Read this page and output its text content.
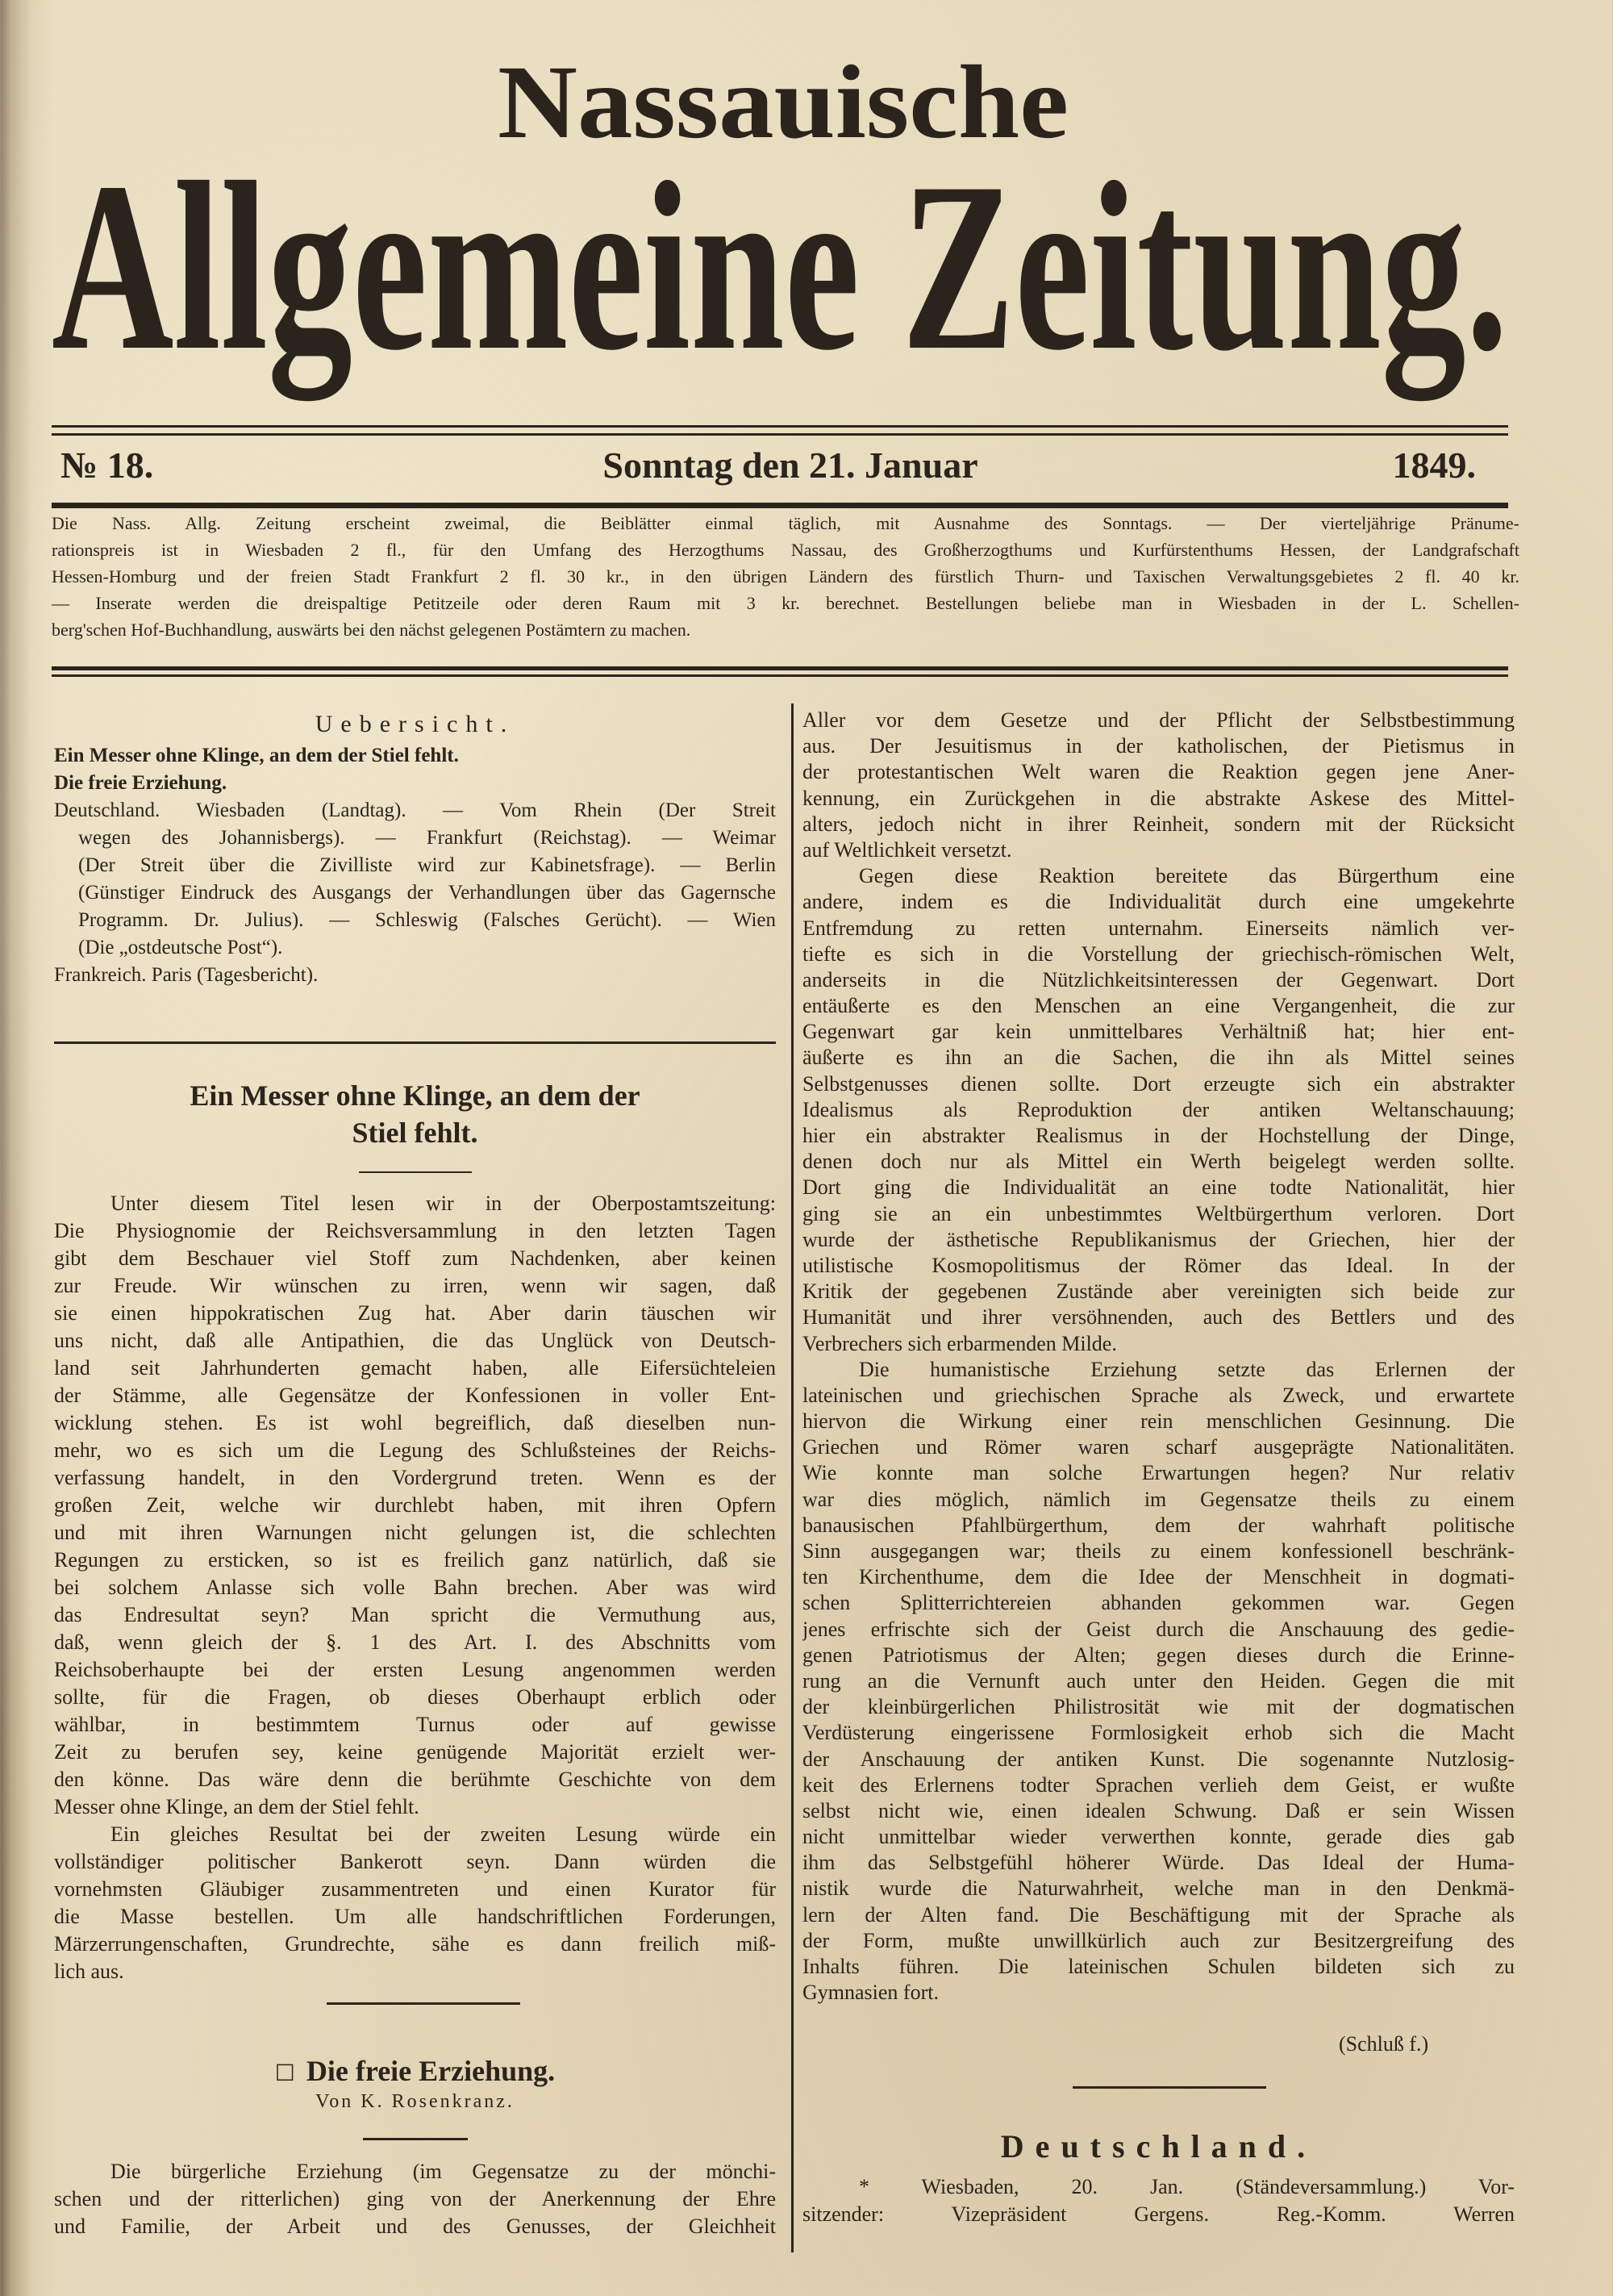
Nassauische
Allgemeine Zeitung.
№ 18.	Sonntag den 21. Januar	1849.
Die Nass. Allg. Zeitung erscheint zweimal, die Beiblätter einmal täglich, mit Ausnahme des Sonntags. — Der vierteljährige Pränume-
rationspreis ist in Wiesbaden 2 fl., für den Umfang des Herzogthums Nassau, des Großherzogthums und Kurfürstenthums Hessen, der Landgrafschaft
Hessen-Homburg und der freien Stadt Frankfurt 2 fl. 30 kr., in den übrigen Ländern des fürstlich Thurn- und Taxischen Verwaltungsgebietes 2 fl. 40 kr.
— Inserate werden die dreispaltige Petitzeile oder deren Raum mit 3 kr. berechnet. Bestellungen beliebe man in Wiesbaden in der L. Schellen-
berg'schen Hof-Buchhandlung, auswärts bei den nächst gelegenen Postämtern zu machen.
Uebersicht.
Ein Messer ohne Klinge, an dem der Stiel fehlt.
Die freie Erziehung.
Deutschland. Wiesbaden (Landtag). — Vom Rhein (Der Streit
wegen des Johannisbergs). — Frankfurt (Reichstag). — Weimar
(Der Streit über die Zivilliste wird zur Kabinetsfrage). — Berlin
(Günstiger Eindruck des Ausgangs der Verhandlungen über das Gagernsche
Programm. Dr. Julius). — Schleswig (Falsches Gerücht). — Wien
(Die „ostdeutsche Post“).
Frankreich. Paris (Tagesbericht).
Ein Messer ohne Klinge, an dem der
Stiel fehlt.
Unter diesem Titel lesen wir in der Oberpostamtszeitung:
Die Physiognomie der Reichsversammlung in den letzten Tagen
gibt dem Beschauer viel Stoff zum Nachdenken, aber keinen
zur Freude. Wir wünschen zu irren, wenn wir sagen, daß
sie einen hippokratischen Zug hat. Aber darin täuschen wir
uns nicht, daß alle Antipathien, die das Unglück von Deutsch-
land seit Jahrhunderten gemacht haben, alle Eifersüchteleien
der Stämme, alle Gegensätze der Konfessionen in voller Ent-
wicklung stehen. Es ist wohl begreiflich, daß dieselben nun-
mehr, wo es sich um die Legung des Schlußsteines der Reichs-
verfassung handelt, in den Vordergrund treten. Wenn es der
großen Zeit, welche wir durchlebt haben, mit ihren Opfern
und mit ihren Warnungen nicht gelungen ist, die schlechten
Regungen zu ersticken, so ist es freilich ganz natürlich, daß sie
bei solchem Anlasse sich volle Bahn brechen. Aber was wird
das Endresultat seyn? Man spricht die Vermuthung aus,
daß, wenn gleich der §. 1 des Art. I. des Abschnitts vom
Reichsoberhaupte bei der ersten Lesung angenommen werden
sollte, für die Fragen, ob dieses Oberhaupt erblich oder
wählbar, in bestimmtem Turnus oder auf gewisse
Zeit zu berufen sey, keine genügende Majorität erzielt wer-
den könne. Das wäre denn die berühmte Geschichte von dem
Messer ohne Klinge, an dem der Stiel fehlt.
Ein gleiches Resultat bei der zweiten Lesung würde ein
vollständiger politischer Bankerott seyn. Dann würden die
vornehmsten Gläubiger zusammentreten und einen Kurator für
die Masse bestellen. Um alle handschriftlichen Forderungen,
Märzerrungenschaften, Grundrechte, sähe es dann freilich miß-
lich aus.
☐ Die freie Erziehung.
Von K. Rosenkranz.
Die bürgerliche Erziehung (im Gegensatze zu der mönchi-
schen und der ritterlichen) ging von der Anerkennung der Ehre
und Familie, der Arbeit und des Genusses, der Gleichheit
Aller vor dem Gesetze und der Pflicht der Selbstbestimmung
aus. Der Jesuitismus in der katholischen, der Pietismus in
der protestantischen Welt waren die Reaktion gegen jene Aner-
kennung, ein Zurückgehen in die abstrakte Askese des Mittel-
alters, jedoch nicht in ihrer Reinheit, sondern mit der Rücksicht
auf Weltlichkeit versetzt.
Gegen diese Reaktion bereitete das Bürgerthum eine
andere, indem es die Individualität durch eine umgekehrte
Entfremdung zu retten unternahm. Einerseits nämlich ver-
tiefte es sich in die Vorstellung der griechisch-römischen Welt,
anderseits in die Nützlichkeitsinteressen der Gegenwart. Dort
entäußerte es den Menschen an eine Vergangenheit, die zur
Gegenwart gar kein unmittelbares Verhältniß hat; hier ent-
äußerte es ihn an die Sachen, die ihn als Mittel seines
Selbstgenusses dienen sollte. Dort erzeugte sich ein abstrakter
Idealismus als Reproduktion der antiken Weltanschauung;
hier ein abstrakter Realismus in der Hochstellung der Dinge,
denen doch nur als Mittel ein Werth beigelegt werden sollte.
Dort ging die Individualität an eine todte Nationalität, hier
ging sie an ein unbestimmtes Weltbürgerthum verloren. Dort
wurde der ästhetische Republikanismus der Griechen, hier der
utilistische Kosmopolitismus der Römer das Ideal. In der
Kritik der gegebenen Zustände aber vereinigten sich beide zur
Humanität und ihrer versöhnenden, auch des Bettlers und des
Verbrechers sich erbarmenden Milde.
Die humanistische Erziehung setzte das Erlernen der
lateinischen und griechischen Sprache als Zweck, und erwartete
hiervon die Wirkung einer rein menschlichen Gesinnung. Die
Griechen und Römer waren scharf ausgeprägte Nationalitäten.
Wie konnte man solche Erwartungen hegen? Nur relativ
war dies möglich, nämlich im Gegensatze theils zu einem
banausischen Pfahlbürgerthum, dem der wahrhaft politische
Sinn ausgegangen war; theils zu einem konfessionell beschränk-
ten Kirchenthume, dem die Idee der Menschheit in dogmati-
schen Splitterrichtereien abhanden gekommen war. Gegen
jenes erfrischte sich der Geist durch die Anschauung des gedie-
genen Patriotismus der Alten; gegen dieses durch die Erinne-
rung an die Vernunft auch unter den Heiden. Gegen die mit
der kleinbürgerlichen Philistrosität wie mit der dogmatischen
Verdüsterung eingerissene Formlosigkeit erhob sich die Macht
der Anschauung der antiken Kunst. Die sogenannte Nutzlosig-
keit des Erlernens todter Sprachen verlieh dem Geist, er wußte
selbst nicht wie, einen idealen Schwung. Daß er sein Wissen
nicht unmittelbar wieder verwerthen konnte, gerade dies gab
ihm das Selbstgefühl höherer Würde. Das Ideal der Huma-
nistik wurde die Naturwahrheit, welche man in den Denkmä-
lern der Alten fand. Die Beschäftigung mit der Sprache als
der Form, mußte unwillkürlich auch zur Besitzergreifung des
Inhalts führen. Die lateinischen Schulen bildeten sich zu
Gymnasien fort.
(Schluß f.)
Deutschland.
* Wiesbaden, 20. Jan. (Ständeversammlung.) Vor-
sitzender: Vizepräsident Gergens. Reg.-Komm. Werren
